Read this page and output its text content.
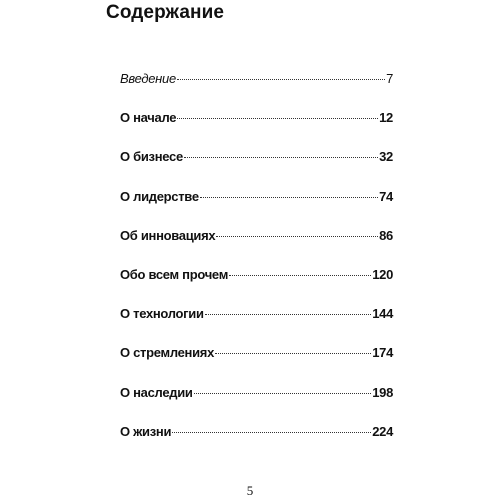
Содержание
Введение	7
О начале	12
О бизнесе	32
О лидерстве	74
Об инновациях	86
Обо всем прочем	120
О технологии	144
О стремлениях	174
О наследии	198
О жизни	224
5
